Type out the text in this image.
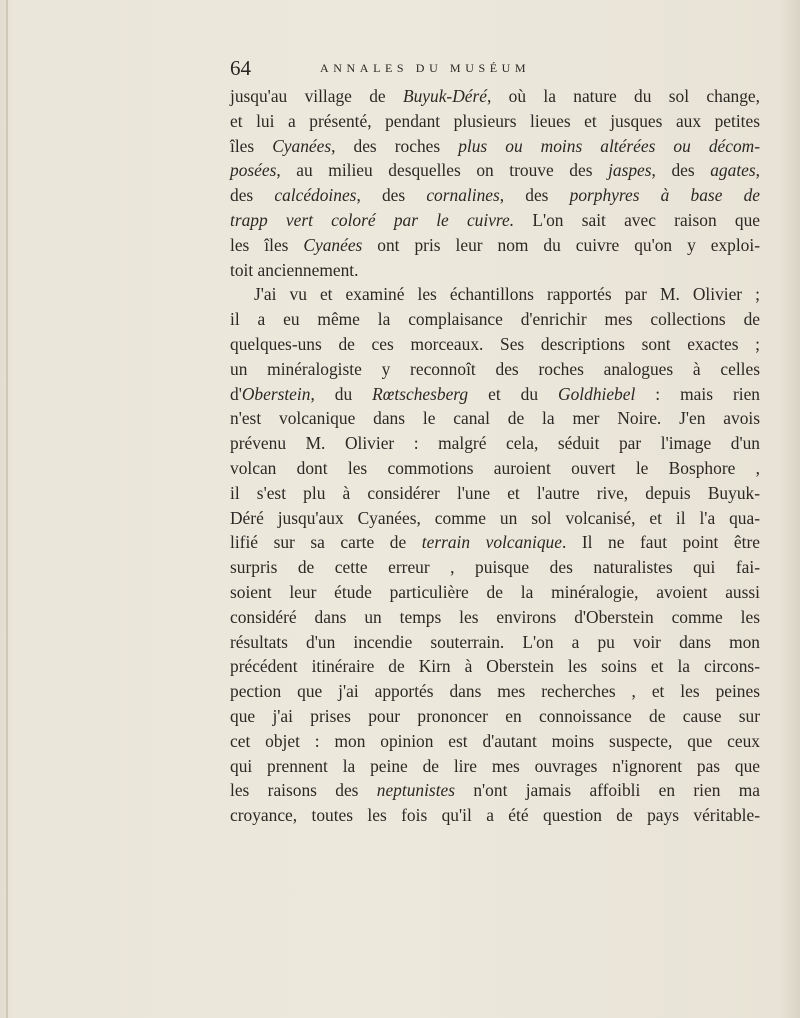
64	ANNALES DU MUSÉUM
jusqu'au village de Buyuk-Déré, où la nature du sol change,
et lui a présenté, pendant plusieurs lieues et jusques aux petites
îles Cyanées, des roches plus ou moins altérées ou décom-
posées, au milieu desquelles on trouve des jaspes, des agates,
des calcédoines, des cornalines, des porphyres à base de
trapp vert coloré par le cuivre. L'on sait avec raison que
les îles Cyanées ont pris leur nom du cuivre qu'on y exploi-
toit anciennement.
J'ai vu et examiné les échantillons rapportés par M. Olivier ;
il a eu même la complaisance d'enrichir mes collections de
quelques-uns de ces morceaux. Ses descriptions sont exactes ;
un minéralogiste y reconnoît des roches analogues à celles
d'Oberstein, du Rœtschesberg et du Goldhiebel : mais rien
n'est volcanique dans le canal de la mer Noire. J'en avois
prévenu M. Olivier : malgré cela, séduit par l'image d'un
volcan dont les commotions auroient ouvert le Bosphore ,
il s'est plu à considérer l'une et l'autre rive, depuis Buyuk-
Déré jusqu'aux Cyanées, comme un sol volcanisé, et il l'a qua-
lifié sur sa carte de terrain volcanique. Il ne faut point être
surpris de cette erreur , puisque des naturalistes qui fai-
soient leur étude particulière de la minéralogie, avoient aussi
considéré dans un temps les environs d'Oberstein comme les
résultats d'un incendie souterrain. L'on a pu voir dans mon
précédent itinéraire de Kirn à Oberstein les soins et la circons-
pection que j'ai apportés dans mes recherches , et les peines
que j'ai prises pour prononcer en connoissance de cause sur
cet objet : mon opinion est d'autant moins suspecte, que ceux
qui prennent la peine de lire mes ouvrages n'ignorent pas que
les raisons des neptunistes n'ont jamais affoibli en rien ma
croyance, toutes les fois qu'il a été question de pays véritable-
